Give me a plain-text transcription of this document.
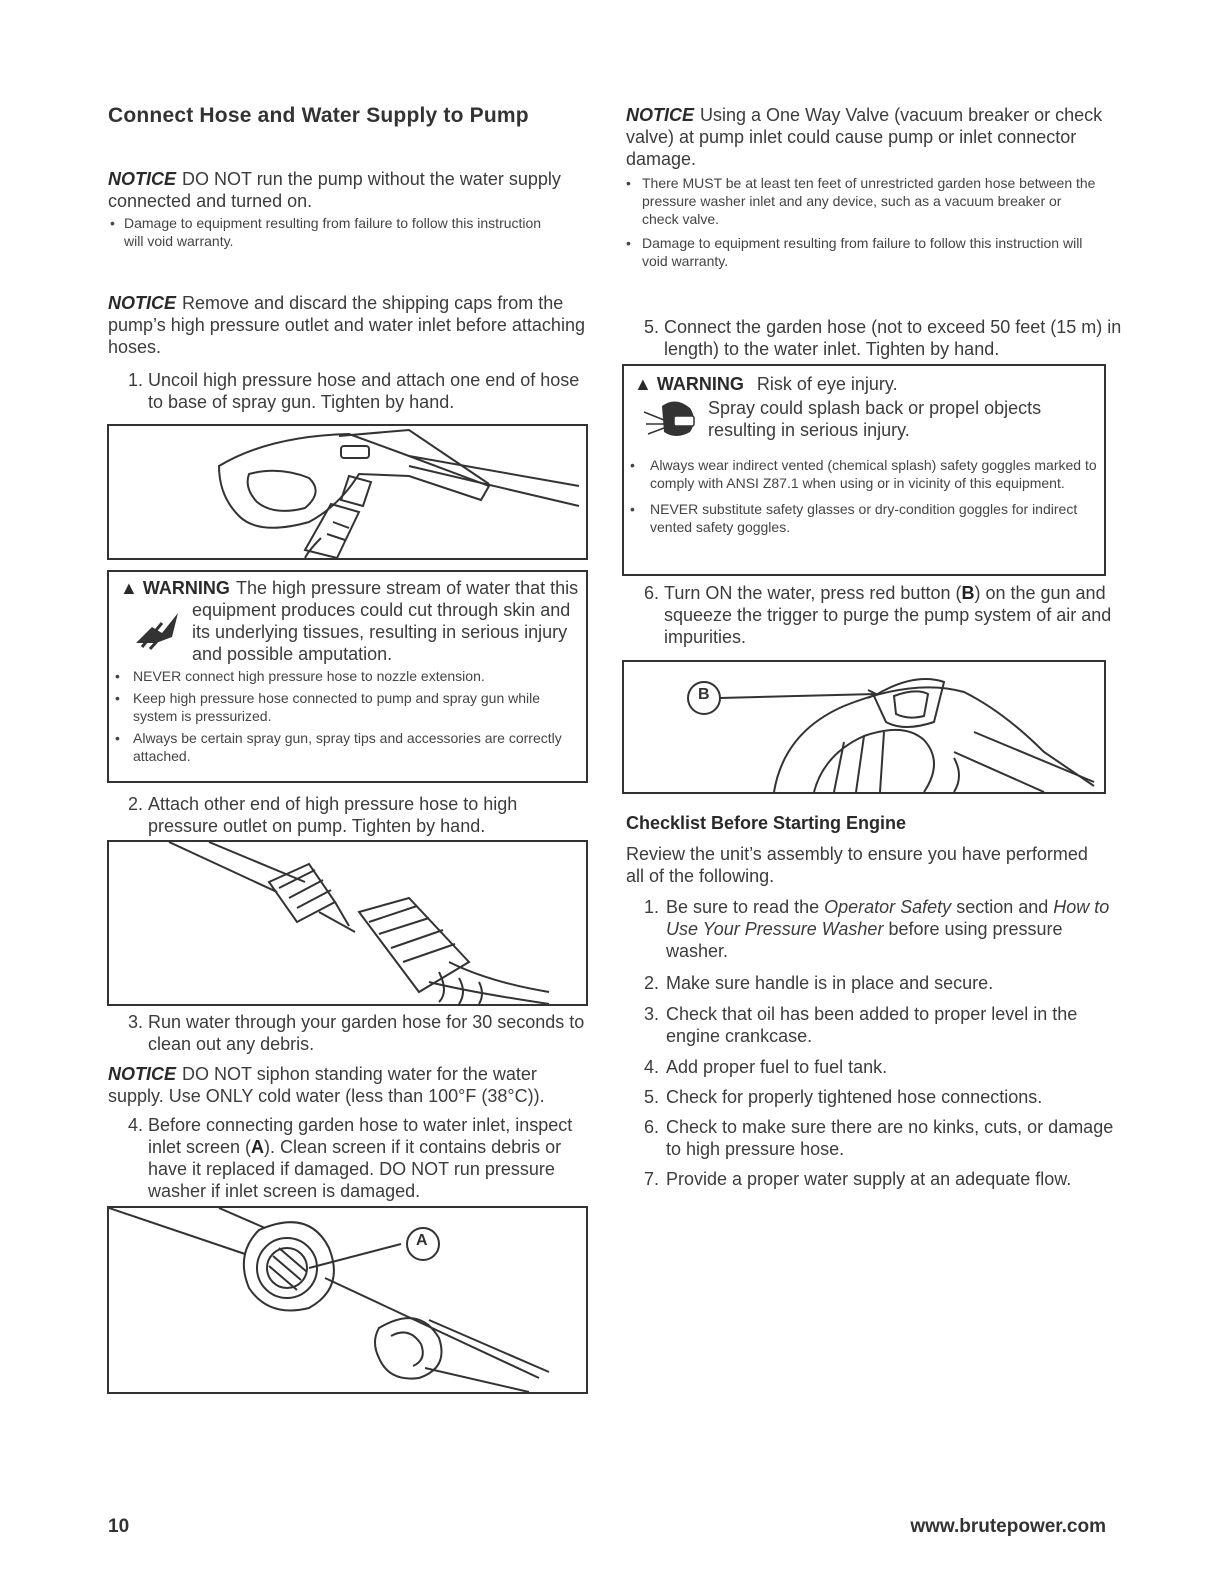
Connect Hose and Water Supply to Pump
NOTICE DO NOT run the pump without the water supply connected and turned on.
• Damage to equipment resulting from failure to follow this instruction will void warranty.
NOTICE Remove and discard the shipping caps from the pump’s high pressure outlet and water inlet before attaching hoses.
1. Uncoil high pressure hose and attach one end of hose to base of spray gun. Tighten by hand.
▲ WARNING The high pressure stream of water that this equipment produces could cut through skin and its underlying tissues, resulting in serious injury and possible amputation.
• NEVER connect high pressure hose to nozzle extension.
• Keep high pressure hose connected to pump and spray gun while system is pressurized.
• Always be certain spray gun, spray tips and accessories are correctly attached.
2. Attach other end of high pressure hose to high pressure outlet on pump. Tighten by hand.
3. Run water through your garden hose for 30 seconds to clean out any debris.
NOTICE DO NOT siphon standing water for the water supply. Use ONLY cold water (less than 100°F (38°C)).
4. Before connecting garden hose to water inlet, inspect inlet screen (A). Clean screen if it contains debris or have it replaced if damaged. DO NOT run pressure washer if inlet screen is damaged.
A
NOTICE Using a One Way Valve (vacuum breaker or check valve) at pump inlet could cause pump or inlet connector damage.
• There MUST be at least ten feet of unrestricted garden hose between the pressure washer inlet and any device, such as a vacuum breaker or check valve.
• Damage to equipment resulting from failure to follow this instruction will void warranty.
5. Connect the garden hose (not to exceed 50 feet (15 m) in length) to the water inlet. Tighten by hand.
▲ WARNING Risk of eye injury.
Spray could splash back or propel objects resulting in serious injury.
• Always wear indirect vented (chemical splash) safety goggles marked to comply with ANSI Z87.1 when using or in vicinity of this equipment.
• NEVER substitute safety glasses or dry-condition goggles for indirect vented safety goggles.
6. Turn ON the water, press red button (B) on the gun and squeeze the trigger to purge the pump system of air and impurities.
B
Checklist Before Starting Engine
Review the unit’s assembly to ensure you have performed all of the following.
1. Be sure to read the Operator Safety section and How to Use Your Pressure Washer before using pressure washer.
2. Make sure handle is in place and secure.
3. Check that oil has been added to proper level in the engine crankcase.
4. Add proper fuel to fuel tank.
5. Check for properly tightened hose connections.
6. Check to make sure there are no kinks, cuts, or damage to high pressure hose.
7. Provide a proper water supply at an adequate flow.
10	www.brutepower.com
